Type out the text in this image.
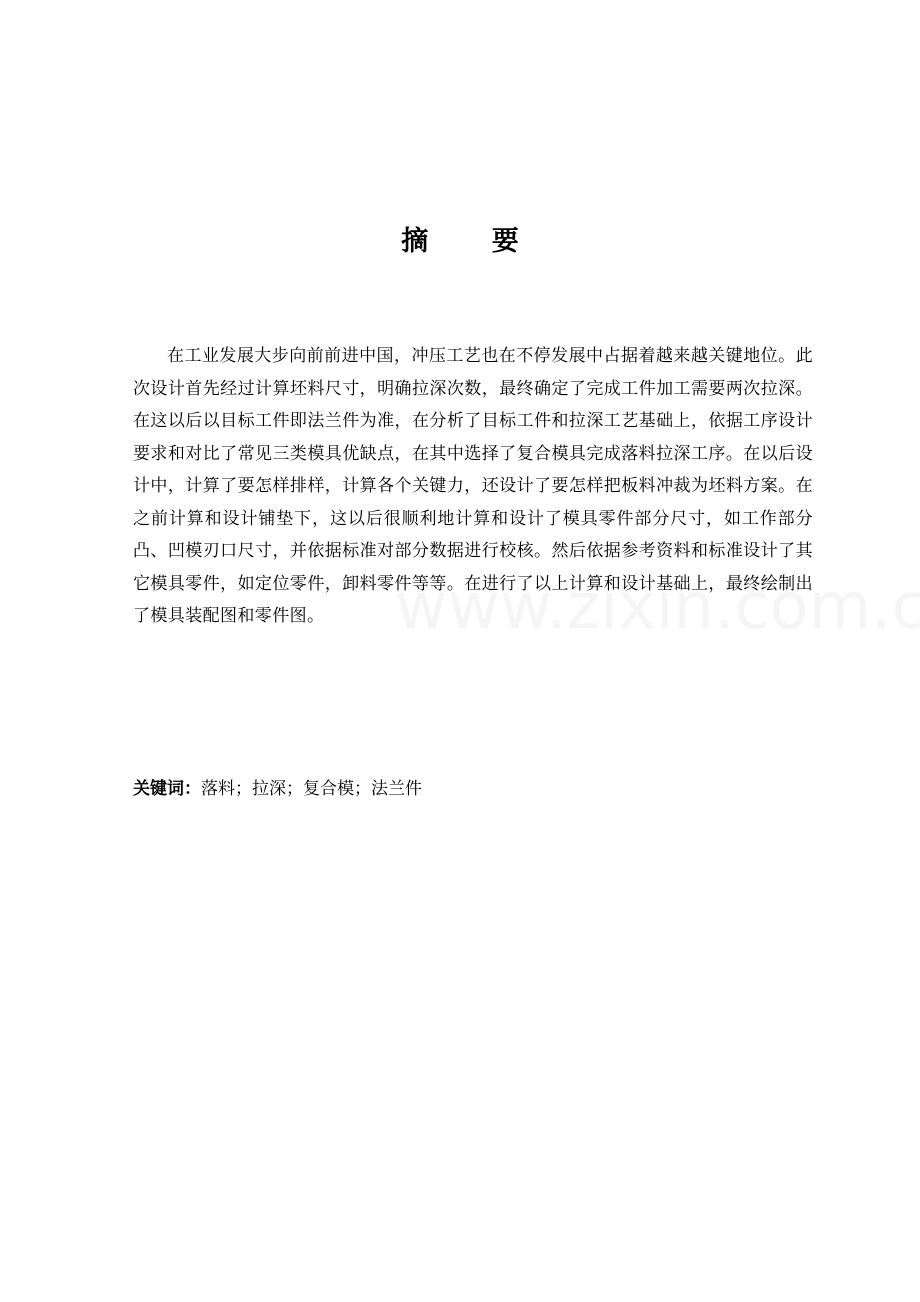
摘 要

在工业发展大步向前前进中国，冲压工艺也在不停发展中占据着越来越关键地位。此次设计首先经过计算坯料尺寸，明确拉深次数，最终确定了完成工件加工需要两次拉深。在这以后以目标工件即法兰件为准，在分析了目标工件和拉深工艺基础上，依据工序设计要求和对比了常见三类模具优缺点，在其中选择了复合模具完成落料拉深工序。在以后设计中，计算了要怎样排样，计算各个关键力，还设计了要怎样把板料冲裁为坯料方案。在之前计算和设计铺垫下，这以后很顺利地计算和设计了模具零件部分尺寸，如工作部分凸、凹模刃口尺寸，并依据标准对部分数据进行校核。然后依据参考资料和标准设计了其它模具零件，如定位零件，卸料零件等等。在进行了以上计算和设计基础上，最终绘制出了模具装配图和零件图。

关键词：落料；拉深；复合模；法兰件
